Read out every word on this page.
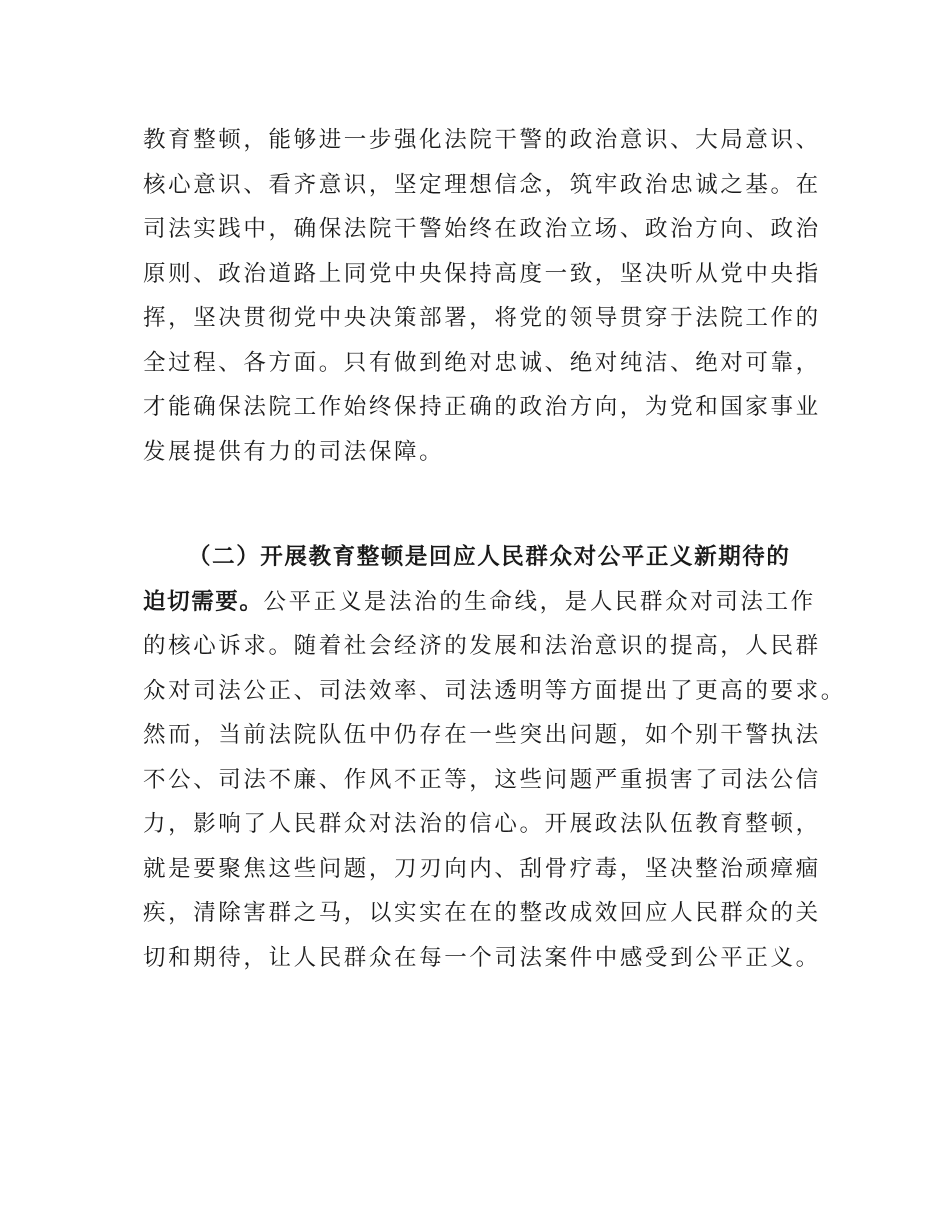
教育整顿，能够进一步强化法院干警的政治意识、大局意识、

核心意识、看齐意识，坚定理想信念，筑牢政治忠诚之基。在

司法实践中，确保法院干警始终在政治立场、政治方向、政治

原则、政治道路上同党中央保持高度一致，坚决听从党中央指

挥，坚决贯彻党中央决策部署，将党的领导贯穿于法院工作的

全过程、各方面。只有做到绝对忠诚、绝对纯洁、绝对可靠，

才能确保法院工作始终保持正确的政治方向，为党和国家事业

发展提供有力的司法保障。

（二）开展教育整顿是回应人民群众对公平正义新期待的

迫切需要。公平正义是法治的生命线，是人民群众对司法工作

的核心诉求。随着社会经济的发展和法治意识的提高，人民群

众对司法公正、司法效率、司法透明等方面提出了更高的要求。

然而，当前法院队伍中仍存在一些突出问题，如个别干警执法

不公、司法不廉、作风不正等，这些问题严重损害了司法公信

力，影响了人民群众对法治的信心。开展政法队伍教育整顿，

就是要聚焦这些问题，刀刃向内、刮骨疗毒，坚决整治顽瘴痼

疾，清除害群之马，以实实在在的整改成效回应人民群众的关

切和期待，让人民群众在每一个司法案件中感受到公平正义。
